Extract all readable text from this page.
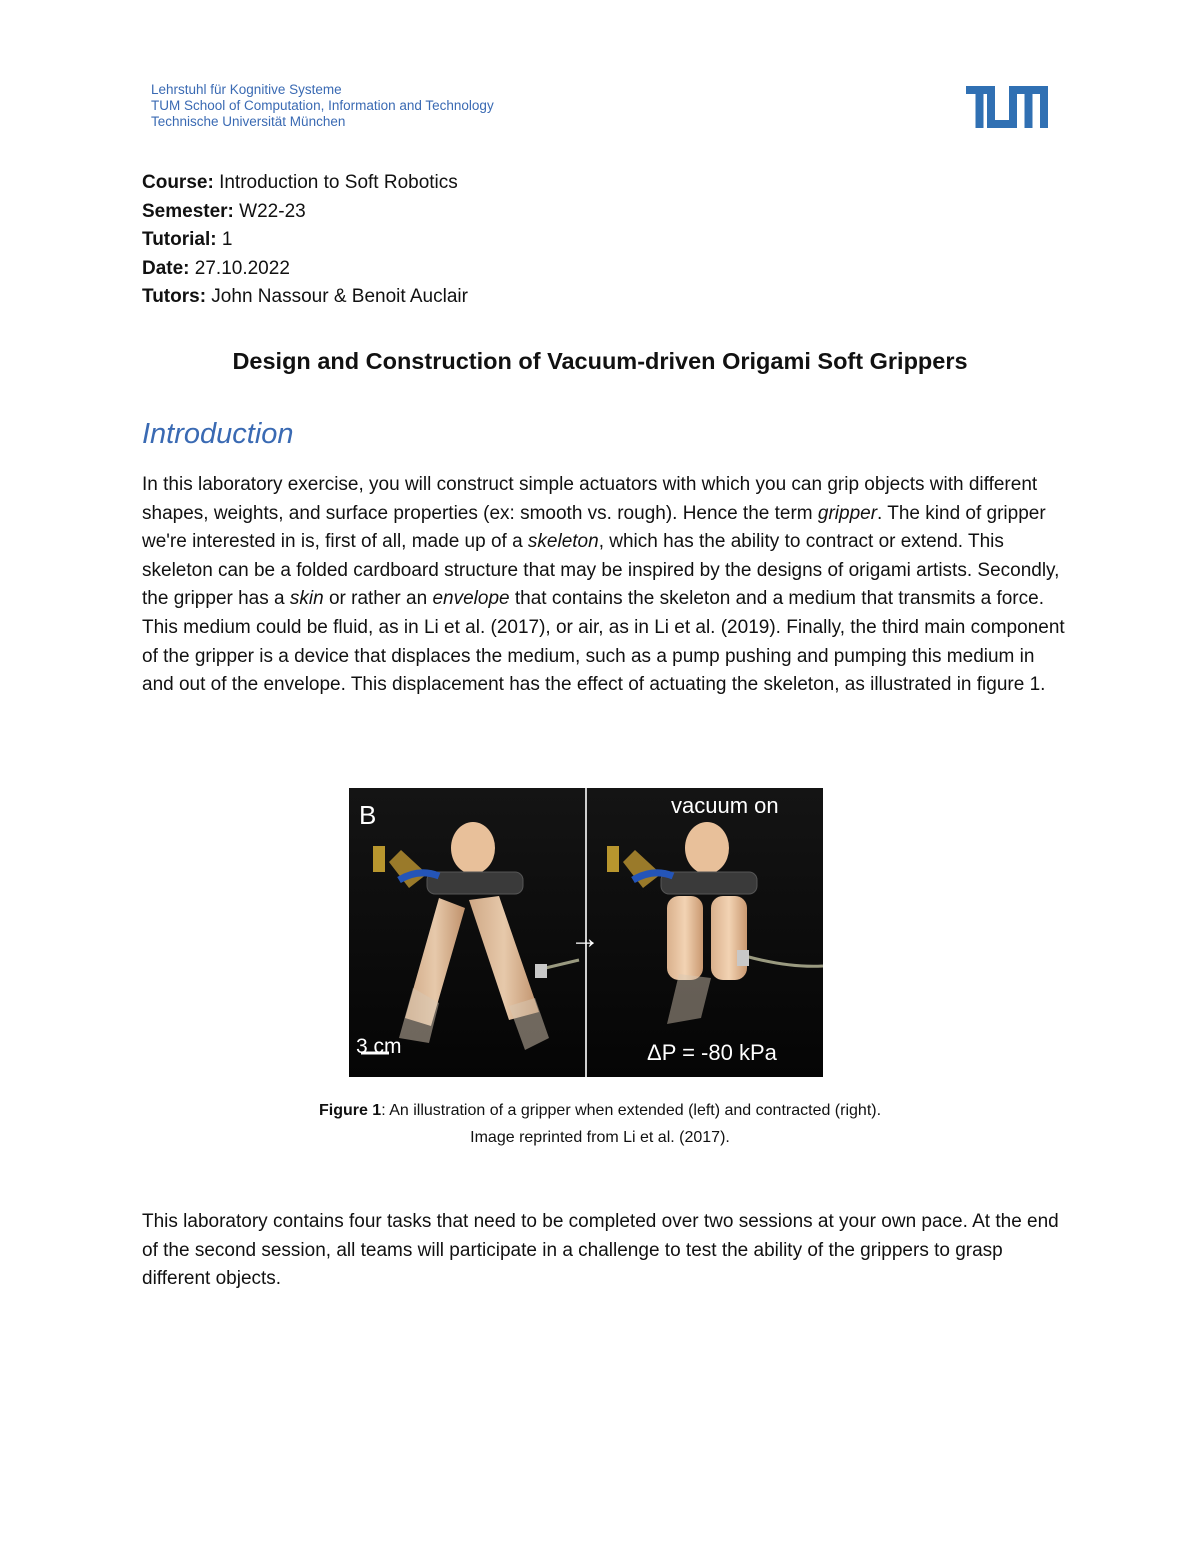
Lehrstuhl für Kognitive Systeme
TUM School of Computation, Information and Technology
Technische Universität München
Course: Introduction to Soft Robotics
Semester: W22-23
Tutorial: 1
Date: 27.10.2022
Tutors: John Nassour & Benoit Auclair
Design and Construction of Vacuum-driven Origami Soft Grippers
Introduction
In this laboratory exercise, you will construct simple actuators with which you can grip objects with different shapes, weights, and surface properties (ex: smooth vs. rough). Hence the term gripper. The kind of gripper we're interested in is, first of all, made up of a skeleton, which has the ability to contract or extend. This skeleton can be a folded cardboard structure that may be inspired by the designs of origami artists. Secondly, the gripper has a skin or rather an envelope that contains the skeleton and a medium that transmits a force. This medium could be fluid, as in Li et al. (2017), or air, as in Li et al. (2019). Finally, the third main component of the gripper is a device that displaces the medium, such as a pump pushing and pumping this medium in and out of the envelope. This displacement has the effect of actuating the skeleton, as illustrated in figure 1.
B	vacuum on
→
3 cm	ΔP = -80 kPa
Figure 1: An illustration of a gripper when extended (left) and contracted (right).
Image reprinted from Li et al. (2017).
This laboratory contains four tasks that need to be completed over two sessions at your own pace. At the end of the second session, all teams will participate in a challenge to test the ability of the grippers to grasp different objects.
